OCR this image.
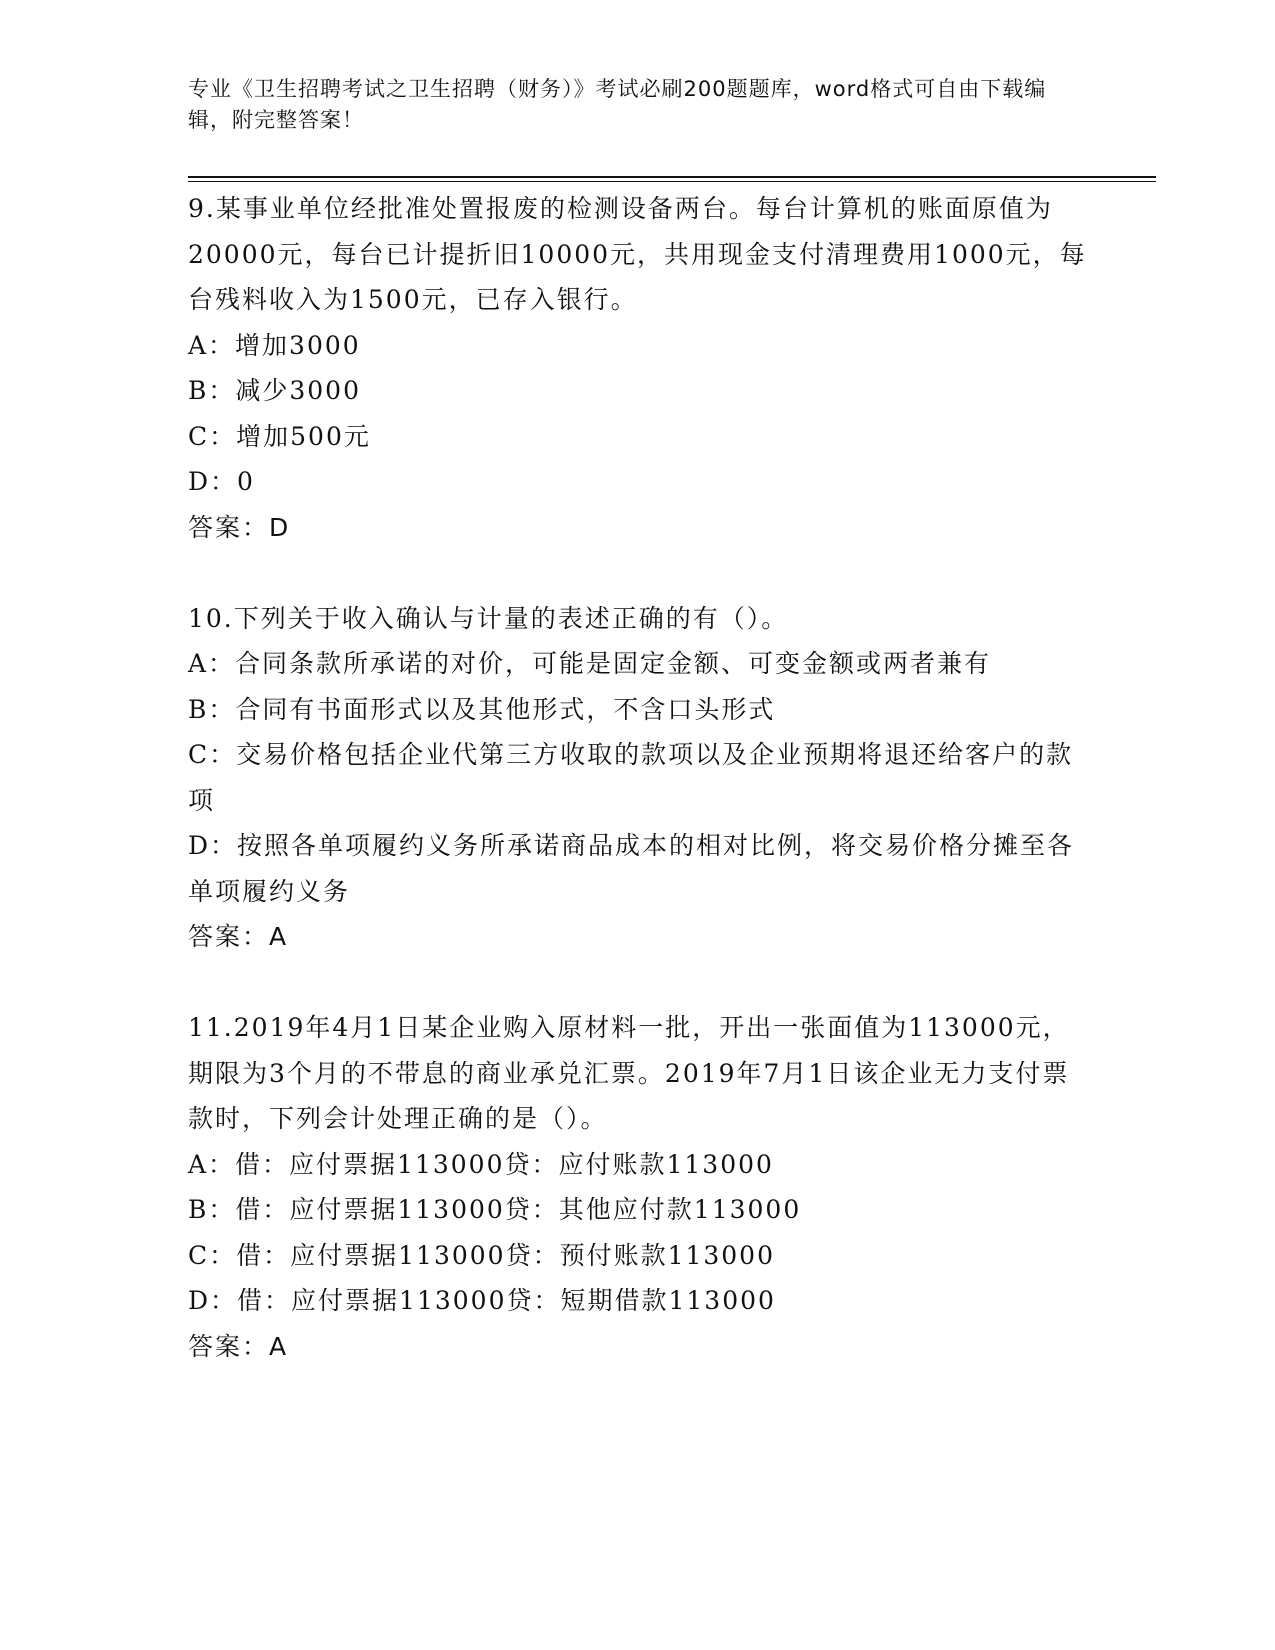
专业《卫生招聘考试之卫生招聘（财务）》考试必刷200题题库，word格式可自由下载编辑，附完整答案！

9.某事业单位经批准处置报废的检测设备两台。每台计算机的账面原值为20000元，每台已计提折旧10000元，共用现金支付清理费用1000元，每台残料收入为1500元，已存入银行。

A：增加3000

B：减少3000

C：增加500元

D：0

答案：D

10.下列关于收入确认与计量的表述正确的有（）。

A：合同条款所承诺的对价，可能是固定金额、可变金额或两者兼有

B：合同有书面形式以及其他形式，不含口头形式

C：交易价格包括企业代第三方收取的款项以及企业预期将退还给客户的款项

D：按照各单项履约义务所承诺商品成本的相对比例，将交易价格分摊至各单项履约义务

答案：A

11.2019年4月1日某企业购入原材料一批，开出一张面值为113000元，期限为3个月的不带息的商业承兑汇票。2019年7月1日该企业无力支付票款时，下列会计处理正确的是（）。

A：借：应付票据113000贷：应付账款113000

B：借：应付票据113000贷：其他应付款113000

C：借：应付票据113000贷：预付账款113000

D：借：应付票据113000贷：短期借款113000

答案：A
